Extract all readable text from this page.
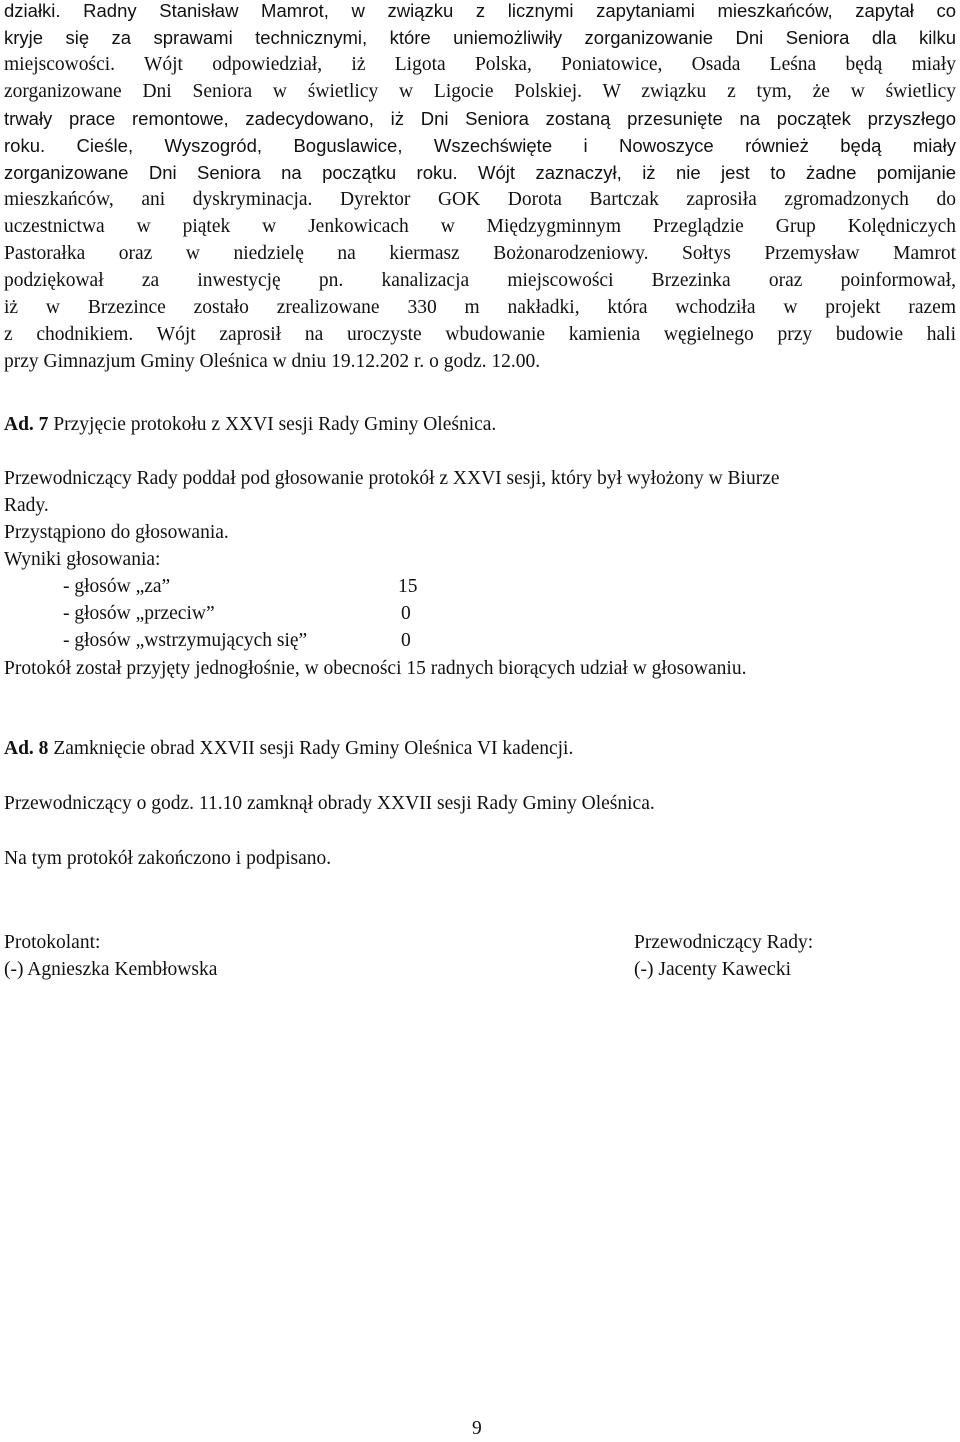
działki. Radny Stanisław Mamrot, w związku z licznymi zapytaniami mieszkańców, zapytał co
kryje się za sprawami technicznymi, które uniemożliwiły zorganizowanie Dni Seniora dla kilku
miejscowości. Wójt odpowiedział, iż Ligota Polska, Poniatowice, Osada Leśna będą miały
zorganizowane Dni Seniora w świetlicy w Ligocie Polskiej. W związku z tym, że w świetlicy
trwały prace remontowe, zadecydowano, iż Dni Seniora zostaną przesunięte na początek przyszłego
roku. Cieśle, Wyszogród, Boguslawice, Wszechświęte i Nowoszyce również będą miały
zorganizowane Dni Seniora na początku roku. Wójt zaznaczył, iż nie jest to żadne pomijanie
mieszkańców, ani dyskryminacja. Dyrektor GOK Dorota Bartczak zaprosiła zgromadzonych do
uczestnictwa w piątek w Jenkowicach w Międzygminnym Przeglądzie Grup Kolędniczych
Pastorałka oraz w niedzielę na kiermasz Bożonarodzeniowy. Sołtys Przemysław Mamrot
podziękował za inwestycję pn. kanalizacja miejscowości Brzezinka oraz poinformował,
iż w Brzezince zostało zrealizowane 330 m nakładki, która wchodziła w projekt razem
z chodnikiem. Wójt zaprosił na uroczyste wbudowanie kamienia węgielnego przy budowie hali
przy Gimnazjum Gminy Oleśnica w dniu 19.12.202 r. o godz. 12.00.
Ad. 7 Przyjęcie protokołu z XXVI sesji Rady Gminy Oleśnica.
Przewodniczący Rady poddał pod głosowanie protokół z XXVI sesji, który był wyłożony w Biurze
Rady.
Przystąpiono do głosowania.
Wyniki głosowania:
- głosów „za”	15
- głosów „przeciw”	0
- głosów „wstrzymujących się”	0
Protokół został przyjęty jednogłośnie, w obecności 15 radnych biorących udział w głosowaniu.
Ad. 8 Zamknięcie obrad XXVII sesji Rady Gminy Oleśnica VI kadencji.
Przewodniczący o godz. 11.10 zamknął obrady XXVII sesji Rady Gminy Oleśnica.
Na tym protokół zakończono i podpisano.
Protokolant:
(-) Agnieszka Kembłowska
Przewodniczący Rady:
(-) Jacenty Kawecki
9
